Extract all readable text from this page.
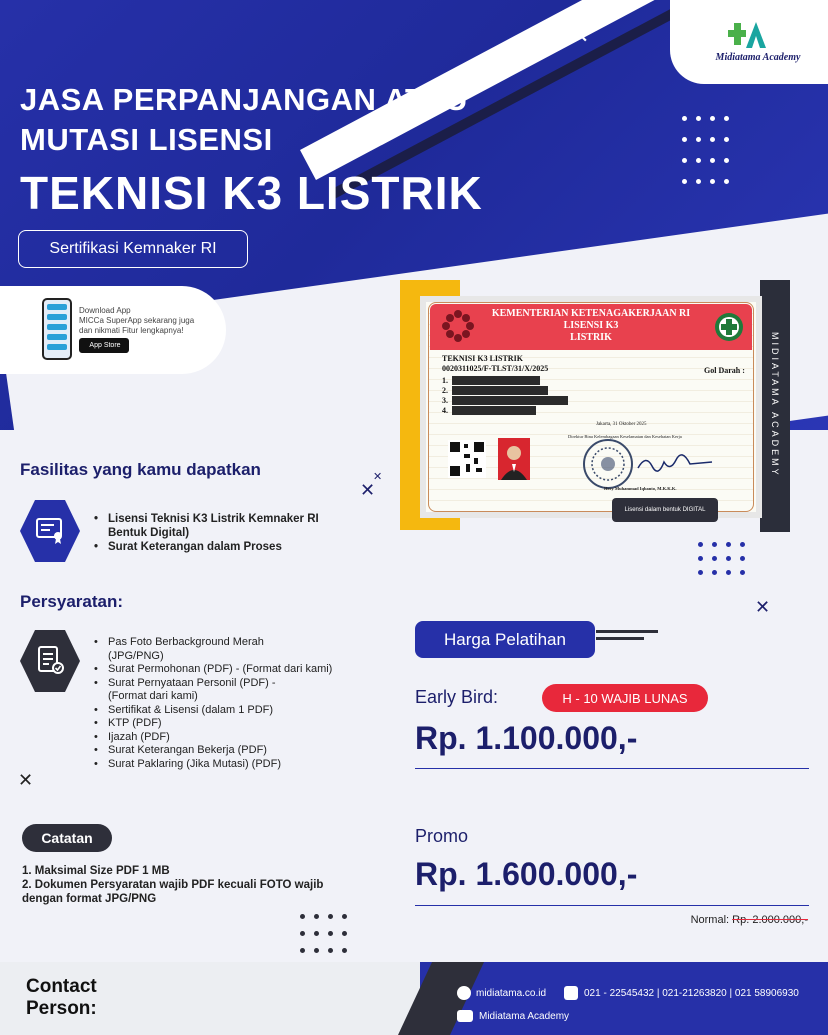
Midiatama Academy
✕
JASA PERPANJANGAN ATAU
MUTASI LISENSI
TEKNISI K3 LISTRIK
Sertifikasi Kemnaker RI
Download App
MICCa SuperApp sekarang juga
dan nikmati Fitur lengkapnya!
App Store	MIDIATAMA ACADEMY
KEMENTERIAN KETENAGAKERJAAN RI
LISENSI K3
LISTRIK
TEKNISI K3 LISTRIK
0020311025/F-TLST/31/X/2025	Gol Darah :
1.
2.
3.
4.
Jakarta, 31 Oktober 2025
Direktur Bina Kelembagaan Keselamatan dan Kesehatan Kerja
Hery Muhammad Iqbanto, M.K.K.K.
Lisensi dalam bentuk DIGITAL
✕
✕
✕
✕
Fasilitas yang kamu dapatkan
• Lisensi Teknisi K3 Listrik Kemnaker RI Bentuk Digital)
• Surat Keterangan dalam Proses
Persyaratan:
• Pas Foto Berbackground Merah (JPG/PNG)
• Surat Permohonan (PDF) - (Format dari kami)
• Surat Pernyataan Personil (PDF) - (Format dari kami)
• Sertifikat & Lisensi (dalam 1 PDF)
• KTP (PDF)
• Ijazah (PDF)
• Surat Keterangan Bekerja (PDF)
• Surat Paklaring (Jika Mutasi) (PDF)
Catatan
1. Maksimal Size PDF 1 MB
2. Dokumen Persyaratan wajib PDF kecuali FOTO wajib dengan format JPG/PNG
Harga Pelatihan
Early Bird:	H - 10 WAJIB LUNAS
Rp. 1.100.000,-
Promo
Rp. 1.600.000,-
Normal: Rp. 2.000.000,-
Contact Person:
midiatama.co.id	021 - 22545432 | 021-21263820 | 021 58906930
Midiatama Academy
